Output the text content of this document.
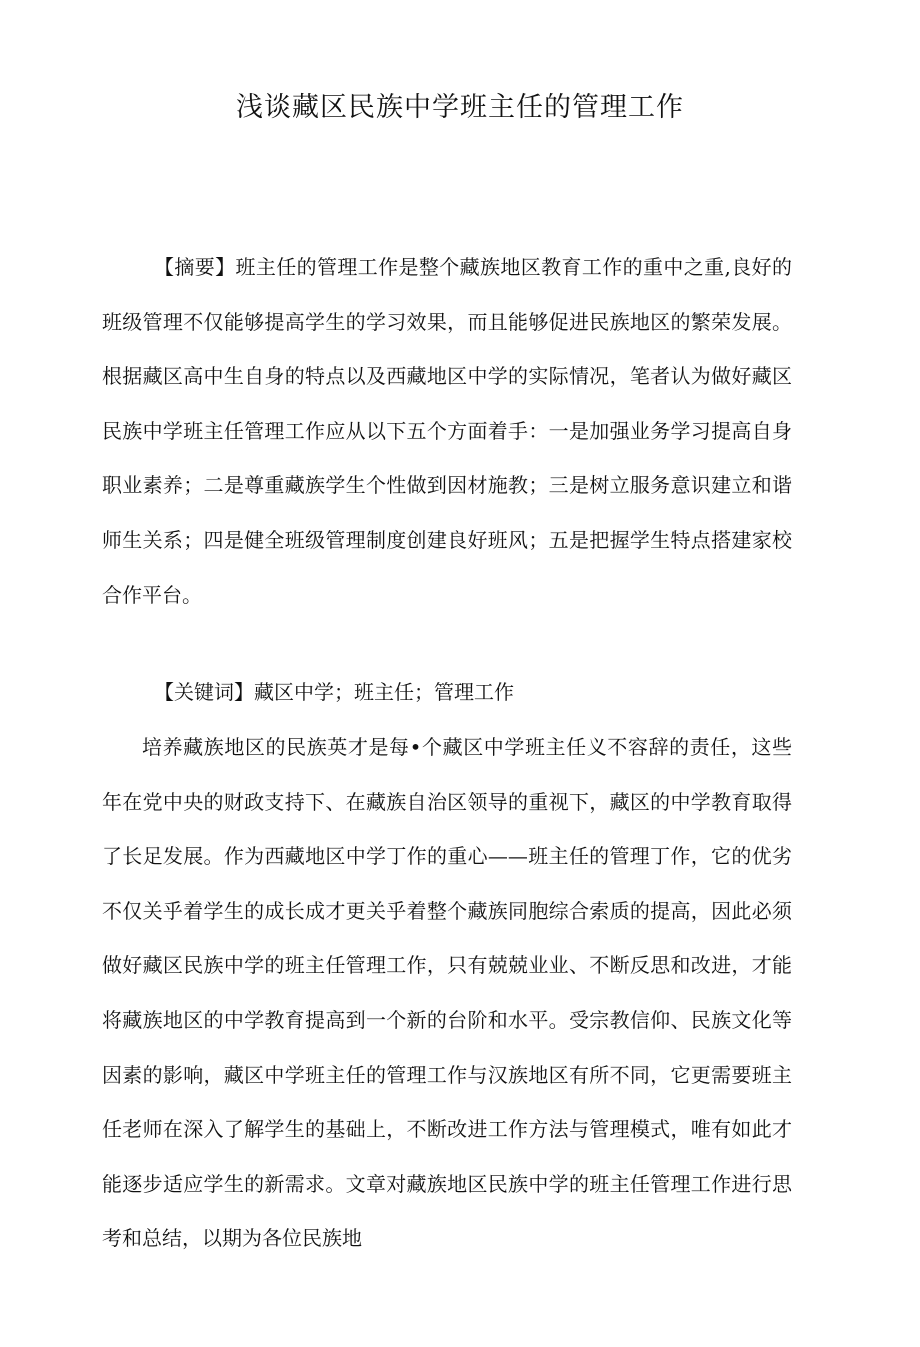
浅谈藏区民族中学班主任的管理工作

【摘要】班主任的管理工作是整个藏族地区教育工作的重中之重,良好的班级管理不仅能够提高学生的学习效果，而且能够促进民族地区的繁荣发展。根据藏区高中生自身的特点以及西藏地区中学的实际情况，笔者认为做好藏区民族中学班主任管理工作应从以下五个方面着手：一是加强业务学习提高自身职业素养；二是尊重藏族学生个性做到因材施教；三是树立服务意识建立和谐师生关系；四是健全班级管理制度创建良好班风；五是把握学生特点搭建家校合作平台。

【关键词】藏区中学；班主任；管理工作

培养藏族地区的民族英才是每•个藏区中学班主任义不容辞的责任，这些年在党中央的财政支持下、在藏族自治区领导的重视下，藏区的中学教育取得了长足发展。作为西藏地区中学丁作的重心——班主任的管理丁作，它的优劣不仅关乎着学生的成长成才更关乎着整个藏族同胞综合索质的提高，因此必须做好藏区民族中学的班主任管理工作，只有兢兢业业、不断反思和改进，才能将藏族地区的中学教育提高到一个新的台阶和水平。受宗教信仰、民族文化等因素的影响，藏区中学班主任的管理工作与汉族地区有所不同，它更需要班主任老师在深入了解学生的基础上，不断改进工作方法与管理模式，唯有如此才能逐步适应学生的新需求。文章对藏族地区民族中学的班主任管理工作进行思考和总结，以期为各位民族地
